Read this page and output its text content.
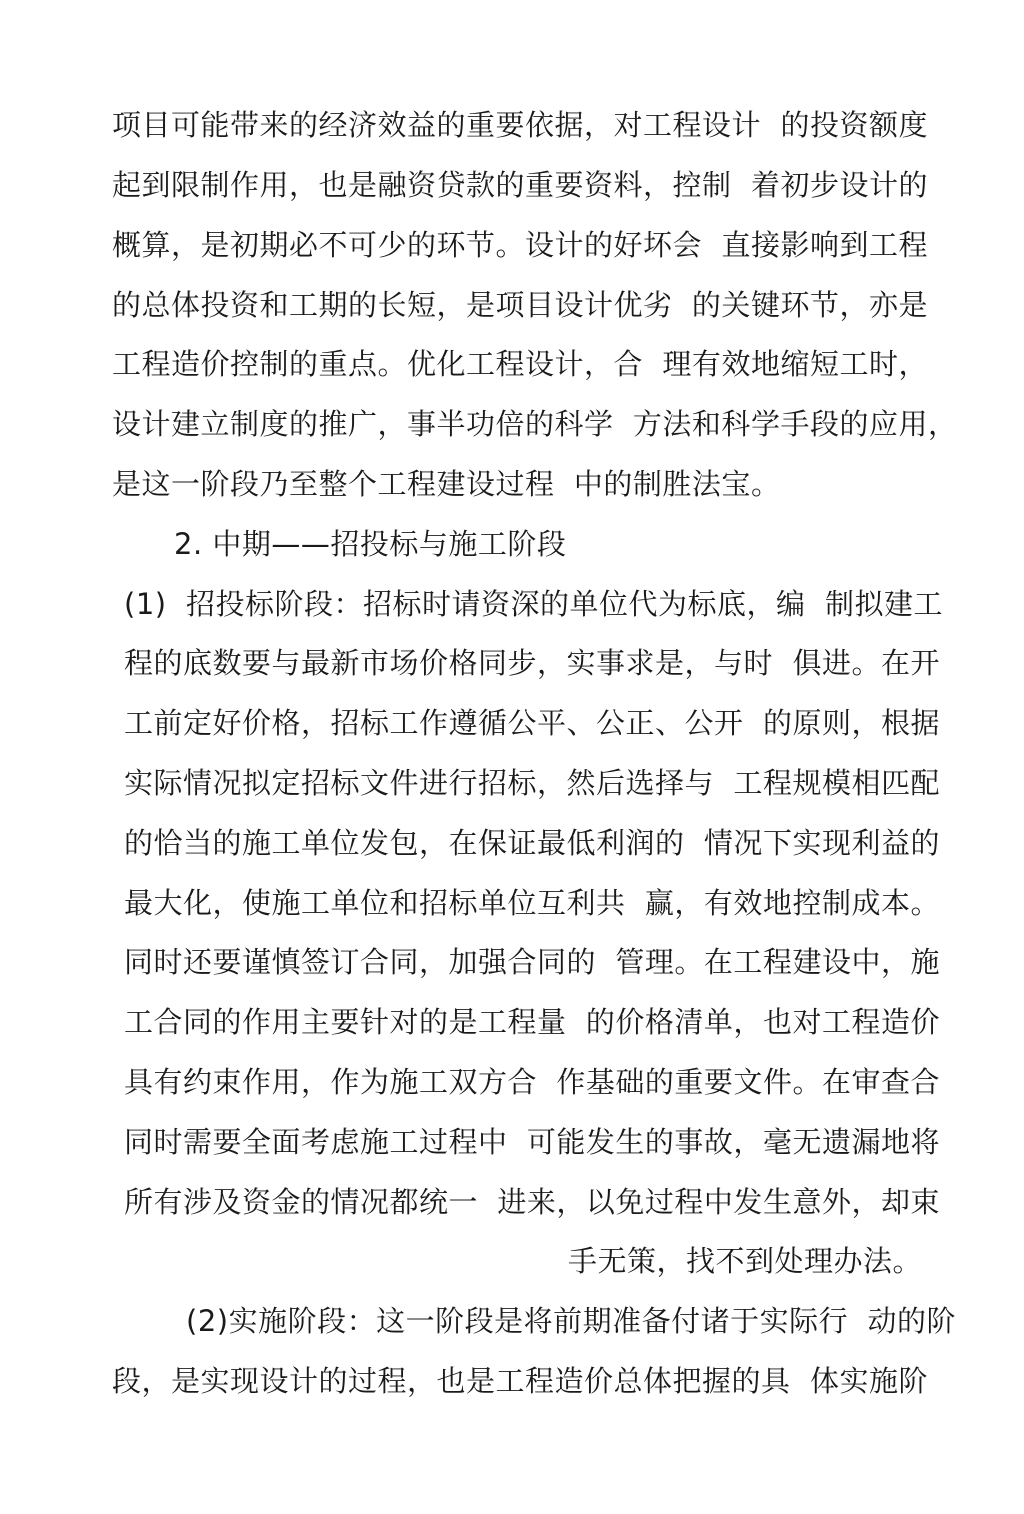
项目可能带来的经济效益的重要依据，对工程设计  的投资额度
起到限制作用，也是融资贷款的重要资料，控制  着初步设计的
概算，是初期必不可少的环节。设计的好坏会  直接影响到工程
的总体投资和工期的长短，是项目设计优劣  的关键环节，亦是
工程造价控制的重点。优化工程设计，合  理有效地缩短工时，
设计建立制度的推广，事半功倍的科学  方法和科学手段的应用，
是这一阶段乃至整个工程建设过程  中的制胜法宝。
2. 中期——招投标与施工阶段
(1)  招投标阶段：招标时请资深的单位代为标底，编  制拟建工
程的底数要与最新市场价格同步，实事求是，与时  俱进。在开
工前定好价格，招标工作遵循公平、公正、公开  的原则，根据
实际情况拟定招标文件进行招标，然后选择与  工程规模相匹配
的恰当的施工单位发包，在保证最低利润的  情况下实现利益的
最大化，使施工单位和招标单位互利共  赢，有效地控制成本。
同时还要谨慎签订合同，加强合同的  管理。在工程建设中，施
工合同的作用主要针对的是工程量  的价格清单，也对工程造价
具有约束作用，作为施工双方合  作基础的重要文件。在审查合
同时需要全面考虑施工过程中  可能发生的事故，毫无遗漏地将
所有涉及资金的情况都统一  进来，以免过程中发生意外，却束
手无策，找不到处理办法。
(2)实施阶段：这一阶段是将前期准备付诸于实际行  动的阶
段，是实现设计的过程，也是工程造价总体把握的具  体实施阶
